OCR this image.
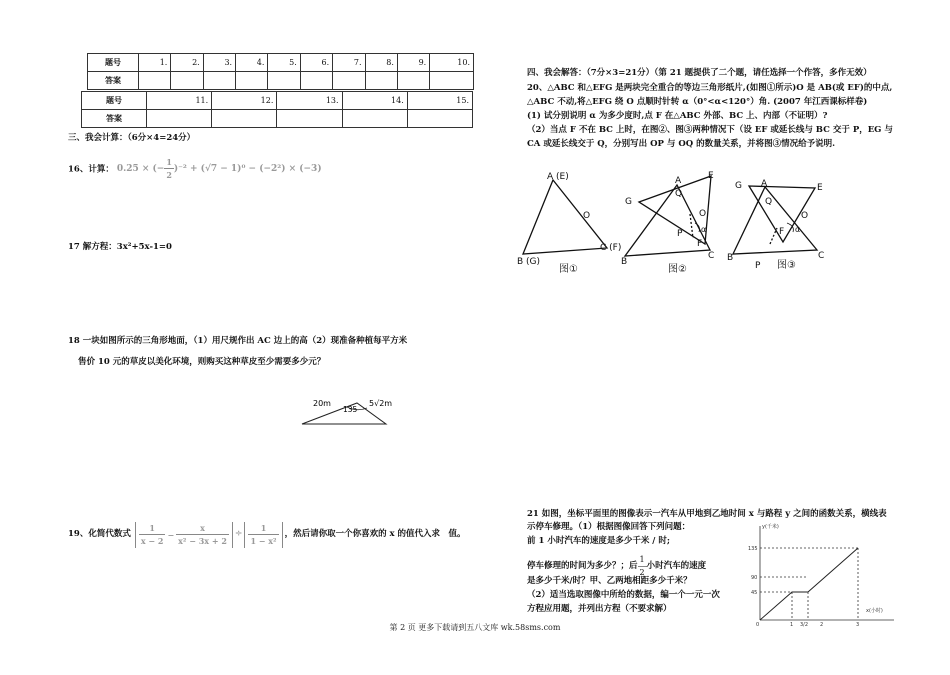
题号	1.	2.	3.	4.	5.	6.	7.	8.	9.	10.
答案										
题号	11.	12.	13.	14.	15.
答案					
三、我会计算：（6分×4=24分）
16、计算： 0.25 × (− $\frac{1}{2} )^{-2} + (√7 - 1)^0 - (-2^2) \times (-3)$
17 解方程：3x²+5x-1=0
18 一块如图所示的三角形地面，（1）用尺规作出 AC 边上的高（2）现准备种植每平方米
售价 10 元的草皮以美化环境，则购买这种草皮至少需要多少元？
20m
135
5√2m
19、化简代数式 $\frac{1}{x - 2} - \frac{x}{\text{x² − 3x + 2}} \div \frac{1}{\text{1 − x²}}$ ，然后请你取一个你喜欢的 x 的值代入求　值。
四、我会解答：（7分×3=21分）（第 21 题提供了二个题，请任选择一个作答，多作无效）
20、△ABC 和△EFG 是两块完全重合的等边三角形纸片,(如图①所示)O 是 AB(或 EF)的中点,
△ABC 不动,将△EFG 绕 O 点顺时针转 α（0°<α<120°）角. (2007 年江西课标样卷)
(1) 试分别说明 α 为多少度时,点 F 在△ABC 外部、BC 上、内部（不证明）?
（2）当点 F 不在 BC 上时，在图②、图③两种情况下（设 EF 或延长线与 BC 交于 P，EG 与
CA 或延长线交于 Q，分别写出 OP 与 OQ 的数量关系，并将图③情况给予说明.
A (E)
O
C (F)
B (G)
图①
G
A
Q
E
O
α
P
F
B
C
图②
G A
Q
E
O
F α
B
P
C
图③
21 如图，坐标平面里的图像表示一汽车从甲地到乙地时间 x 与路程 y 之间的函数关系，横线表
示停车修理。（1）根据图像回答下列问题：
前 1 小时汽车的速度是多少千米 / 时;
停车修理的时间为多少？；后 $\frac{1}{2}$ 小时汽车的速度
是多少千米/时？甲、乙两地相距多少千米？
（2）适当选取图像中所给的数据，编一个一元一次
方程应用题，并列出方程（不要求解）
y(千米)
x(小时)
135
90
45
0	1 3/2 2	3
第 2 页 更多下载请到五八文库 wk.58sms.com
